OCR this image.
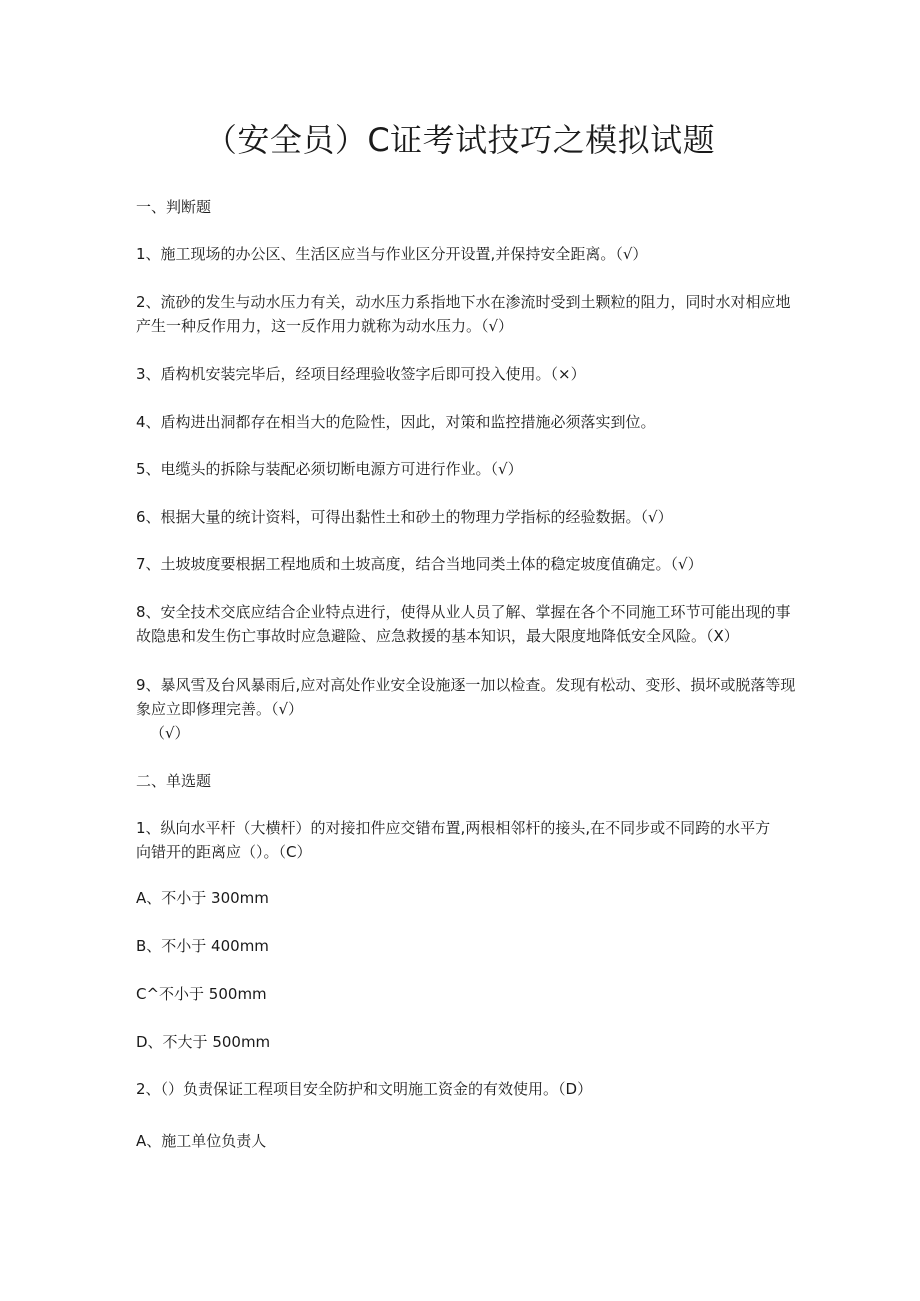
（安全员）C证考试技巧之模拟试题
一、判断题
1、施工现场的办公区、生活区应当与作业区分开设置,并保持安全距离。（√）
2、流砂的发生与动水压力有关，动水压力系指地下水在渗流时受到土颗粒的阻力，同时水对相应地产生一种反作用力，这一反作用力就称为动水压力。（√）
3、盾构机安装完毕后，经项目经理验收签字后即可投入使用。（×）
4、盾构进出洞都存在相当大的危险性，因此，对策和监控措施必须落实到位。
5、电缆头的拆除与装配必须切断电源方可进行作业。（√）
6、根据大量的统计资料，可得出黏性土和砂土的物理力学指标的经验数据。（√）
7、土坡坡度要根据工程地质和土坡高度，结合当地同类土体的稳定坡度值确定。（√）
8、安全技术交底应结合企业特点进行，使得从业人员了解、掌握在各个不同施工环节可能出现的事故隐患和发生伤亡事故时应急避险、应急救援的基本知识，最大限度地降低安全风险。（X）
9、暴风雪及台风暴雨后,应对高处作业安全设施逐一加以检查。发现有松动、变形、损坏或脱落等现象应立即修理完善。（√）
（√）
二、单选题
1、纵向水平杆（大横杆）的对接扣件应交错布置,两根相邻杆的接头,在不同步或不同跨的水平方向错开的距离应（）。（C）
A、不小于 300mm
B、不小于 400mm
C^不小于 500mm
D、不大于 500mm
2、（）负责保证工程项目安全防护和文明施工资金的有效使用。（D）
A、施工单位负责人
